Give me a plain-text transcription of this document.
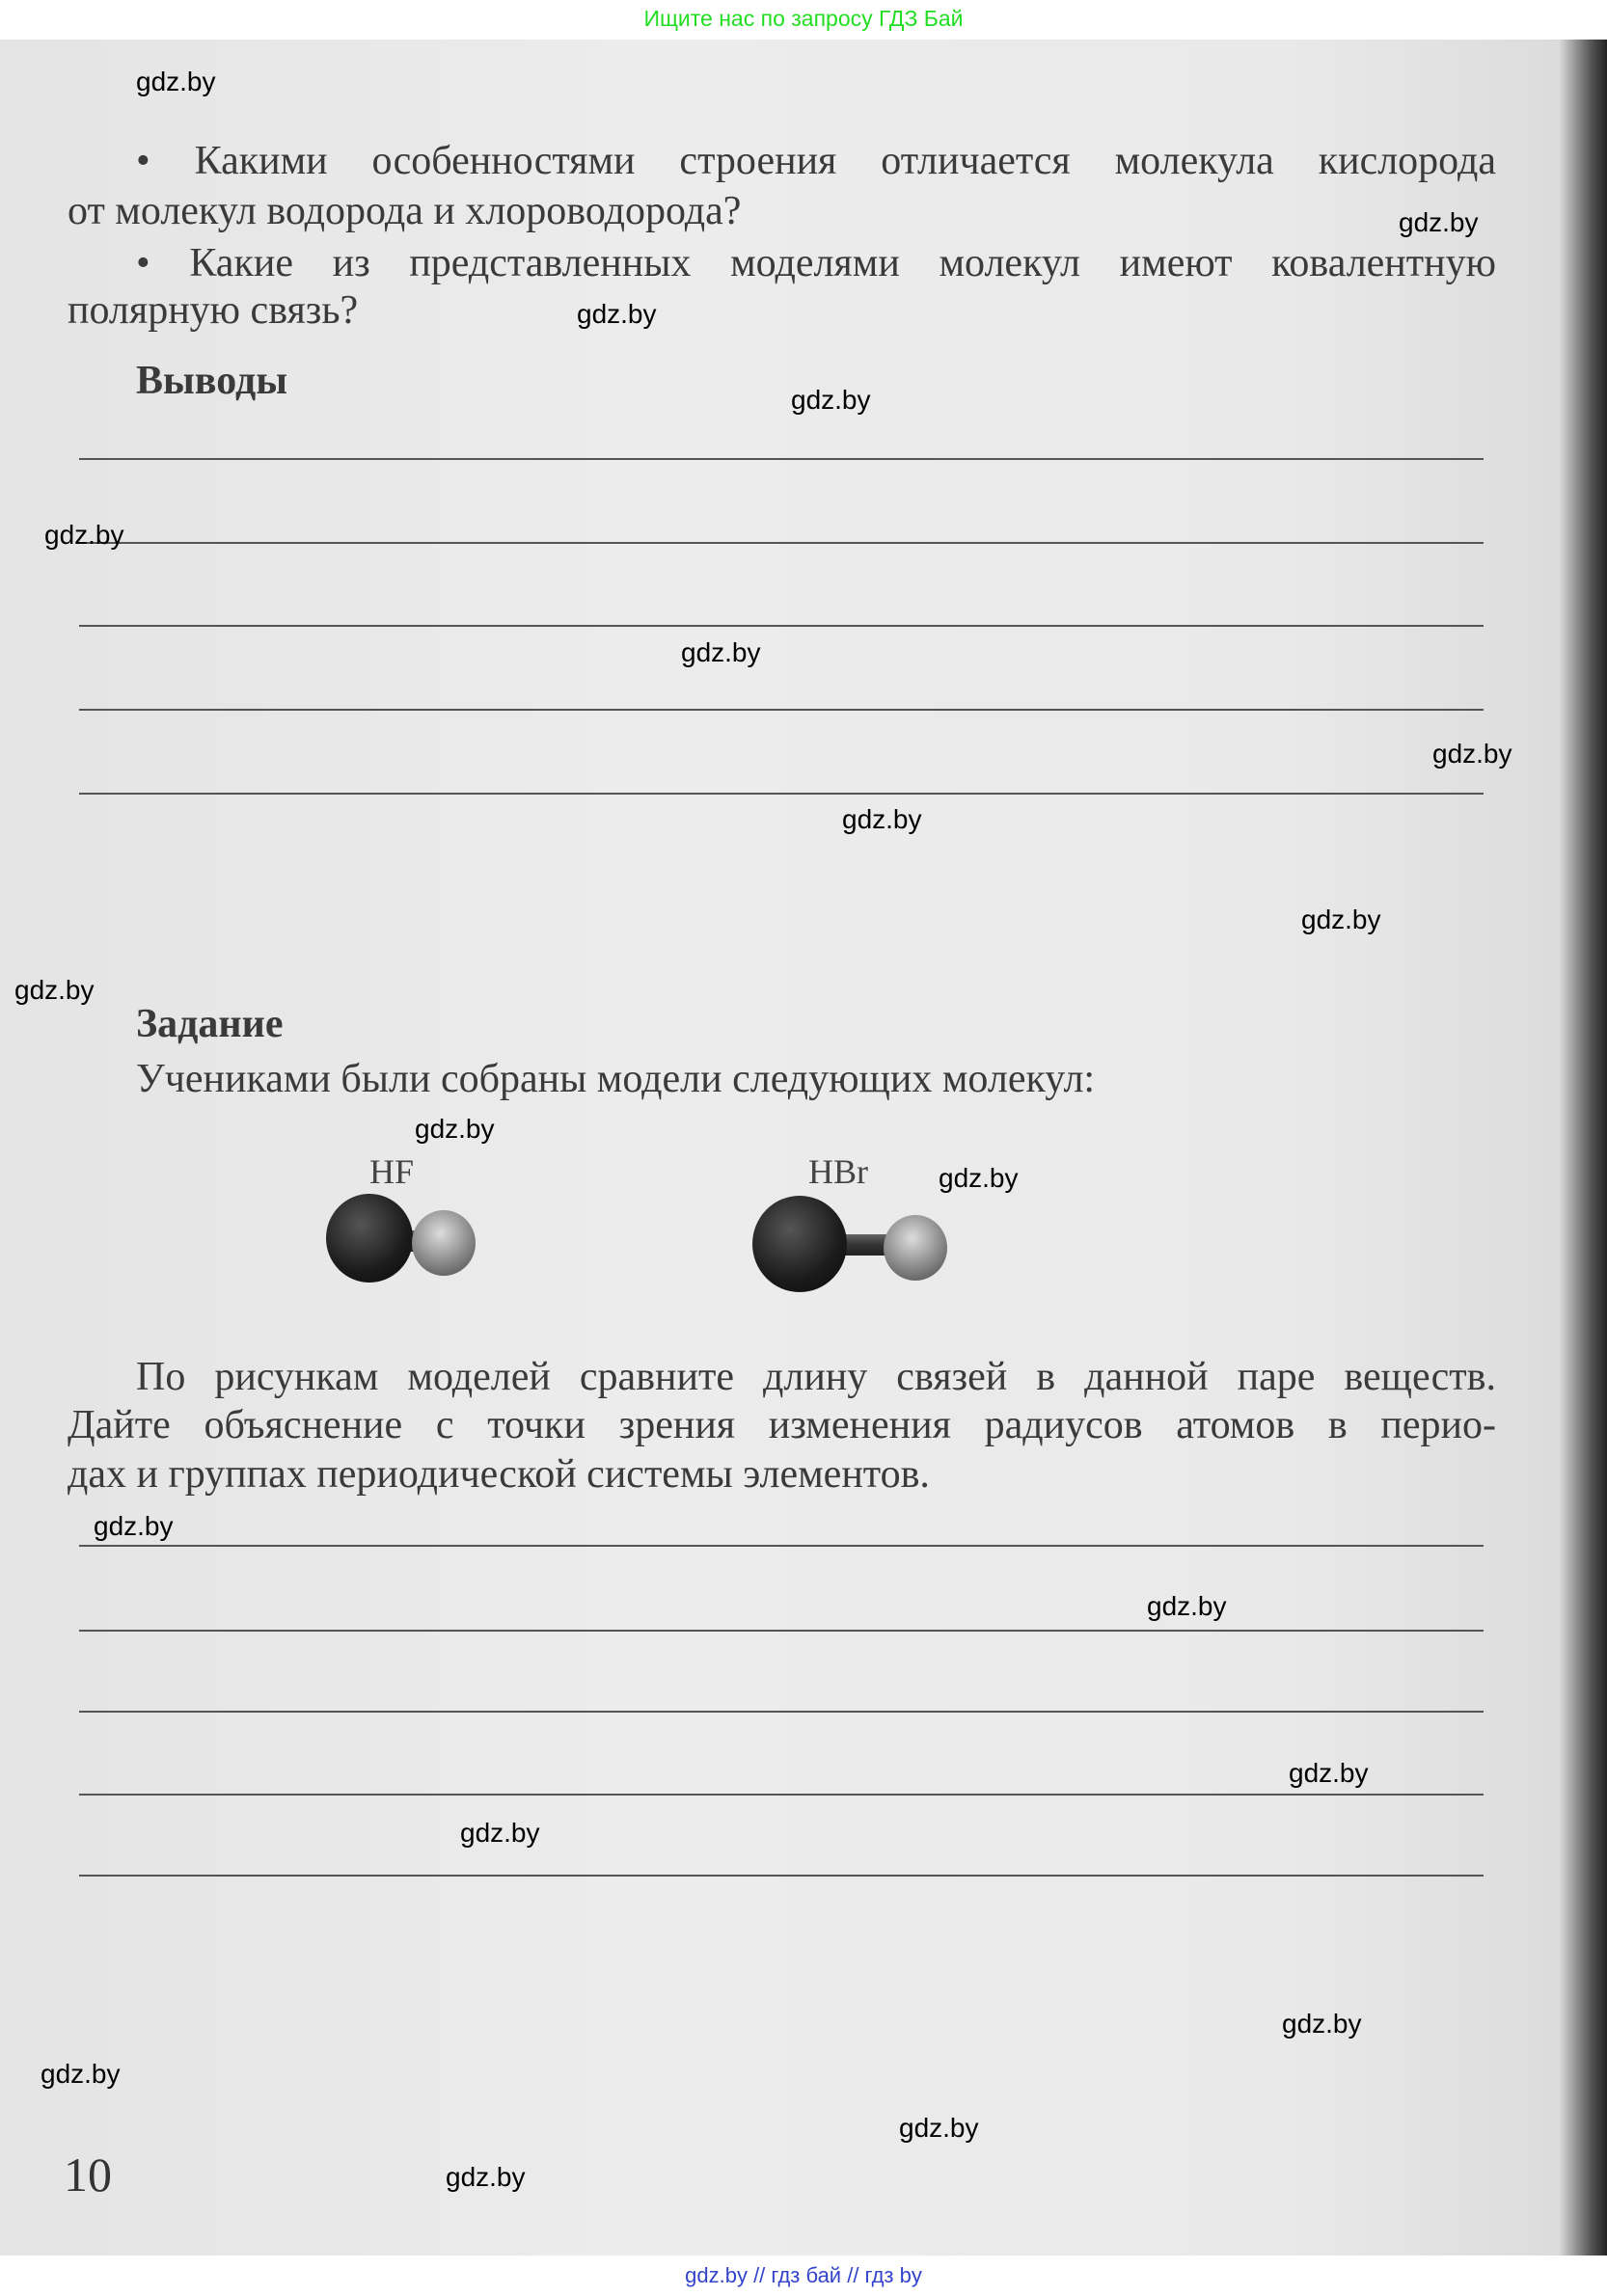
Ищите нас по запросу ГДЗ Бай
• Какими особенностями строения отличается молекула кислорода
от молекул водорода и хлороводорода?
• Какие из представленных моделями молекул имеют ковалентную
полярную связь?
Выводы
Задание
Учениками были собраны модели следующих молекул:
HF	HBr
По рисункам моделей сравните длину связей в данной паре веществ.
Дайте объяснение с точки зрения изменения радиусов атомов в перио-
дах и группах периодической системы элементов.
10
gdz.by
gdz.by
gdz.by
gdz.by
gdz.by
gdz.by
gdz.by
gdz.by
gdz.by
gdz.by
gdz.by
gdz.by
gdz.by
gdz.by
gdz.by
gdz.by
gdz.by
gdz.by
gdz.by
gdz.by
gdz.by // гдз бай // гдз by
